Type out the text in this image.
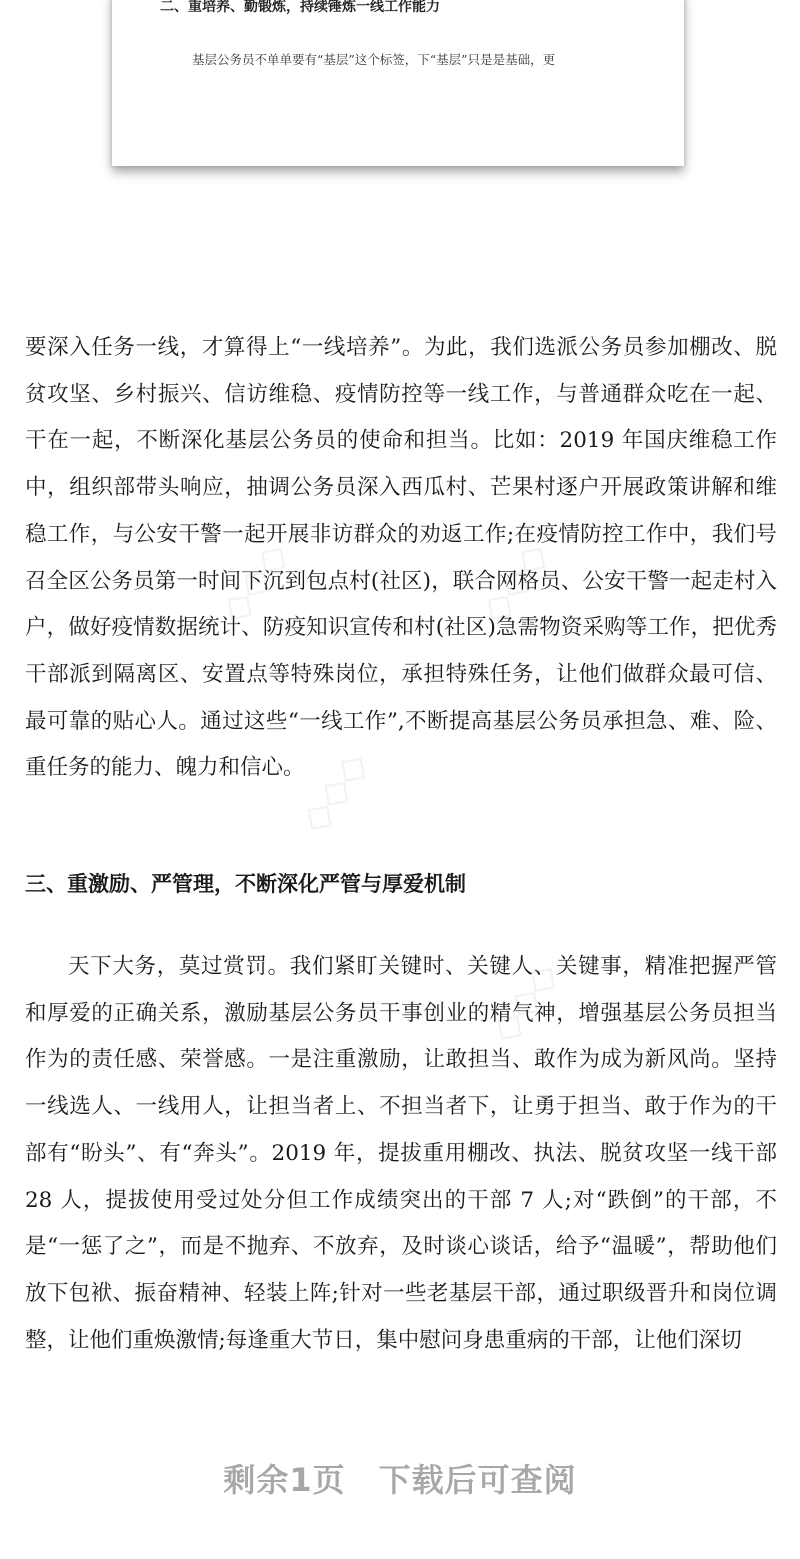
二、重培养、勤锻炼，持续锤炼一线工作能力
基层公务员不单单要有“基层”这个标签，下“基层”只是是基础，更

要深入任务一线，才算得上“一线培养”。为此，我们选派公务员参加棚改、脱贫攻坚、乡村振兴、信访维稳、疫情防控等一线工作，与普通群众吃在一起、干在一起，不断深化基层公务员的使命和担当。比如：2019 年国庆维稳工作中，组织部带头响应，抽调公务员深入西瓜村、芒果村逐户开展政策讲解和维稳工作，与公安干警一起开展非访群众的劝返工作;在疫情防控工作中，我们号召全区公务员第一时间下沉到包点村(社区)，联合网格员、公安干警一起走村入户，做好疫情数据统计、防疫知识宣传和村(社区)急需物资采购等工作，把优秀干部派到隔离区、安置点等特殊岗位，承担特殊任务，让他们做群众最可信、最可靠的贴心人。通过这些“一线工作”,不断提高基层公务员承担急、难、险、重任务的能力、魄力和信心。

三、重激励、严管理，不断深化严管与厚爱机制

天下大务，莫过赏罚。我们紧盯关键时、关键人、关键事，精准把握严管和厚爱的正确关系，激励基层公务员干事创业的精气神，增强基层公务员担当作为的责任感、荣誉感。一是注重激励，让敢担当、敢作为成为新风尚。坚持一线选人、一线用人，让担当者上、不担当者下，让勇于担当、敢于作为的干部有“盼头”、有“奔头”。2019 年，提拔重用棚改、执法、脱贫攻坚一线干部 28 人，提拔使用受过处分但工作成绩突出的干部 7 人;对“跌倒”的干部，不是“一惩了之”，而是不抛弃、不放弃，及时谈心谈话，给予“温暖”，帮助他们放下包袱、振奋精神、轻装上阵;针对一些老基层干部，通过职级晋升和岗位调整，让他们重焕激情;每逢重大节日，集中慰问身患重病的干部，让他们深切

◇◇◇	◇◇◇
◇◇◇
◇◇◇
剩余1页　下载后可查阅
